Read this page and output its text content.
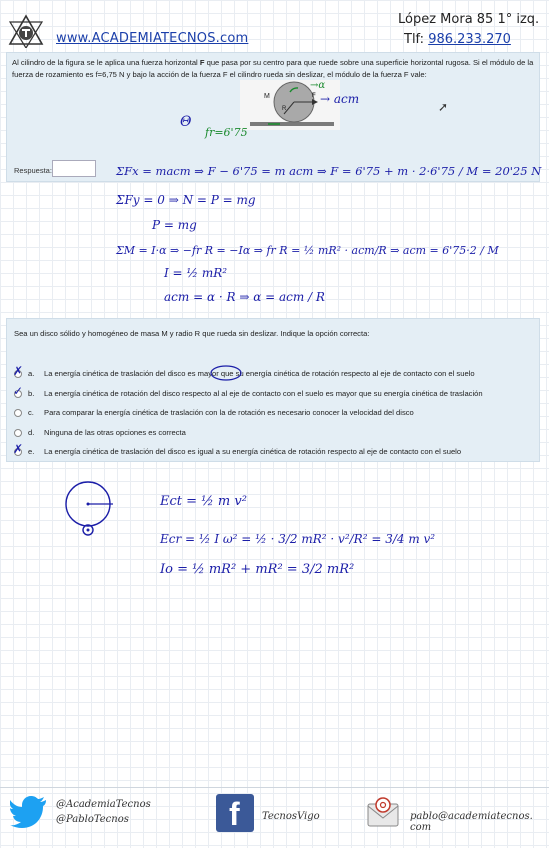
www.ACADEMIATECNOS.com
López Mora 85 1° izq.
Tlf: 986.233.270
Al cilindro de la figura se le aplica una fuerza horizontal F que pasa por su centro para que ruede sobre una superficie horizontal rugosa. Si el módulo de la fuerza de rozamiento es f=6,75 N y bajo la acción de la fuerza F el cilindro rueda sin deslizar, el módulo de la fuerza F vale:
M
R
F → acm
→α
Θ
fr=6'75
➚
Respuesta:	ΣFx = macm ⇒ F − 6'75 = m acm ⇒ F = 6'75 + m · 2·6'75 / M = 20'25 N
ΣFy = 0 ⇒ N = P = mg
P = mg
ΣM = I·α ⇒ −fr R = −Iα ⇒ fr R = ½ mR² · acm/R ⇒ acm = 6'75·2 / M
I = ½ mR²
acm = α · R ⇒ α = acm / R
Sea un disco sólido y homogéneo de masa M y radio R que rueda sin deslizar. Indique la opción correcta:
a. La energía cinética de traslación del disco es mayor que su energía cinética de rotación respecto al eje de contacto con el suelo
b. La energía cinética de rotación del disco respecto al al eje de contacto con el suelo es mayor que su energía cinética de traslación
c. Para comparar la energía cinética de traslación con la de rotación es necesario conocer la velocidad del disco
d. Ninguna de las otras opciones es correcta
e. La energía cinética de traslación del disco es igual a su energía cinética de rotación respecto al eje de contacto con el suelo
✗
✓
✗
Ect = ½ m v²
Ecr = ½ I ω² = ½ · 3/2 mR² · v²/R² = 3/4 m v²
Io = ½ mR² + mR² = 3/2 mR²
@AcademiaTecnos
@PabloTecnos	f TecnosVigo	pablo@academiatecnos. com
